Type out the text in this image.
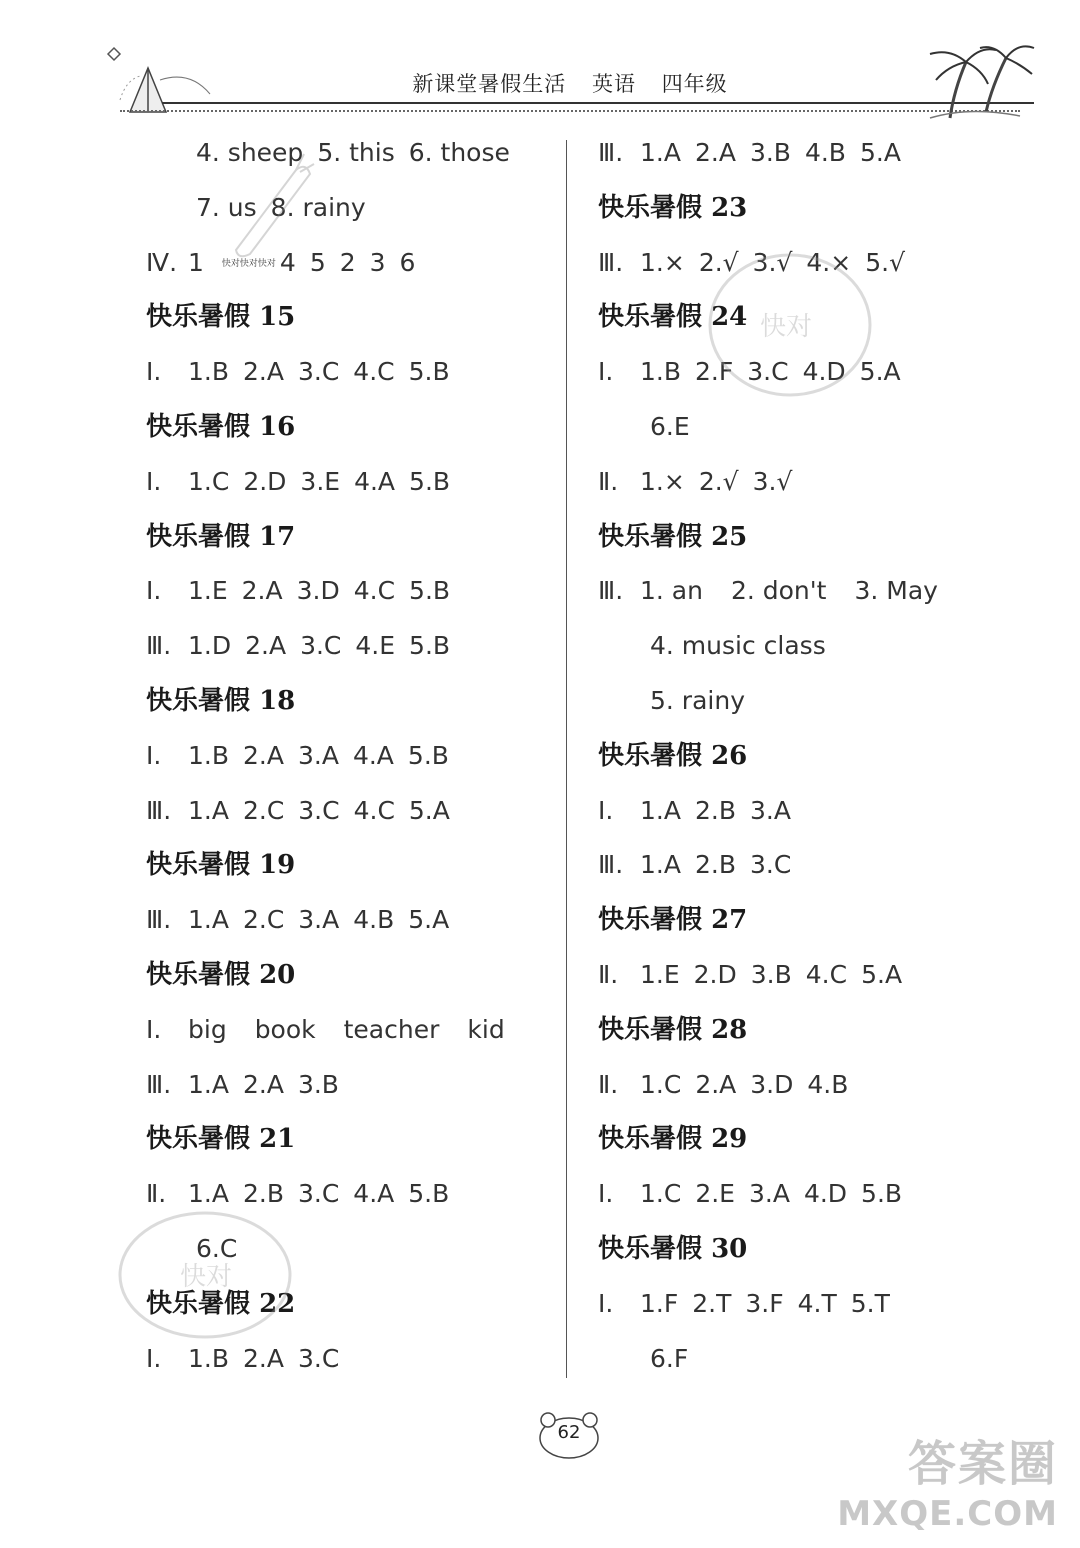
新课堂暑假生活 英语 四年级
4. sheep 5. this 6. those
7. us 8. rainy
Ⅳ. 1 快对快对快对 4 5 2 3 6
快乐暑假 15
Ⅰ. 1.B 2.A 3.C 4.C 5.B
快乐暑假 16
Ⅰ. 1.C 2.D 3.E 4.A 5.B
快乐暑假 17
Ⅰ. 1.E 2.A 3.D 4.C 5.B
Ⅲ. 1.D 2.A 3.C 4.E 5.B
快乐暑假 18
Ⅰ. 1.B 2.A 3.A 4.A 5.B
Ⅲ. 1.A 2.C 3.C 4.C 5.A
快乐暑假 19
Ⅲ. 1.A 2.C 3.A 4.B 5.A
快乐暑假 20
Ⅰ. big book teacher kid
Ⅲ. 1.A 2.A 3.B
快乐暑假 21
Ⅱ. 1.A 2.B 3.C 4.A 5.B
6.C
快乐暑假 22
Ⅰ. 1.B 2.A 3.C
Ⅲ. 1.A 2.A 3.B 4.B 5.A
快乐暑假 23
Ⅲ. 1.× 2.√ 3.√ 4.× 5.√
快乐暑假 24
Ⅰ. 1.B 2.F 3.C 4.D 5.A
6.E
Ⅱ. 1.× 2.√ 3.√
快乐暑假 25
Ⅲ. 1. an 2. don't 3. May
4. music class
5. rainy
快乐暑假 26
Ⅰ. 1.A 2.B 3.A
Ⅲ. 1.A 2.B 3.C
快乐暑假 27
Ⅱ. 1.E 2.D 3.B 4.C 5.A
快乐暑假 28
Ⅱ. 1.C 2.A 3.D 4.B
快乐暑假 29
Ⅰ. 1.C 2.E 3.A 4.D 5.B
快乐暑假 30
Ⅰ. 1.F 2.T 3.F 4.T 5.T
6.F
快对
快对
62
答案圈
MXQE.COM
